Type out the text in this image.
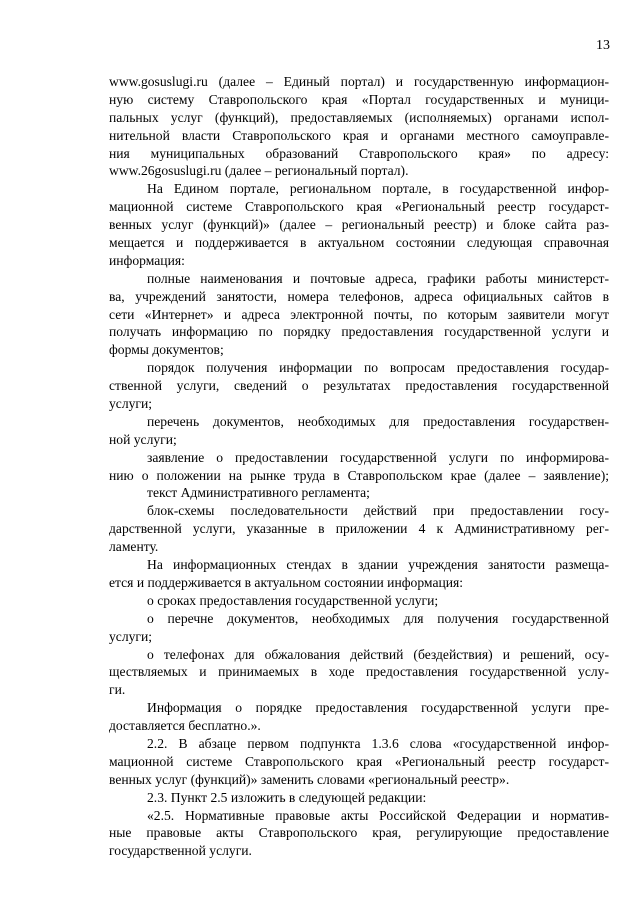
13
www.gosuslugi.ru (далее – Единый портал) и государственную информацион-
ную систему Ставропольского края «Портал государственных и муници-
пальных услуг (функций), предоставляемых (исполняемых) органами испол-
нительной власти Ставропольского края и органами местного самоуправле-
ния муниципальных образований Ставропольского края» по адресу:
www.26gosuslugi.ru (далее – региональный портал).
На Едином портале, региональном портале, в государственной инфор-
мационной системе Ставропольского края «Региональный реестр государст-
венных услуг (функций)» (далее – региональный реестр) и блоке сайта раз-
мещается и поддерживается в актуальном состоянии следующая справочная
информация:
полные наименования и почтовые адреса, графики работы министерст-
ва, учреждений занятости, номера телефонов, адреса официальных сайтов в
сети «Интернет» и адреса электронной почты, по которым заявители могут
получать информацию по порядку предоставления государственной услуги и
формы документов;
порядок получения информации по вопросам предоставления государ-
ственной услуги, сведений о результатах предоставления государственной
услуги;
перечень документов, необходимых для предоставления государствен-
ной услуги;
заявление о предоставлении государственной услуги по информирова-
нию о положении на рынке труда в Ставропольском крае (далее – заявление);
текст Административного регламента;
блок-схемы последовательности действий при предоставлении госу-
дарственной услуги, указанные в приложении 4 к Административному рег-
ламенту.
На информационных стендах в здании учреждения занятости размеща-
ется и поддерживается в актуальном состоянии информация:
о сроках предоставления государственной услуги;
о перечне документов, необходимых для получения государственной
услуги;
о телефонах для обжалования действий (бездействия) и решений, осу-
ществляемых и принимаемых в ходе предоставления государственной услу-
ги.
Информация о порядке предоставления государственной услуги пре-
доставляется бесплатно.».
2.2. В абзаце первом подпункта 1.3.6 слова «государственной инфор-
мационной системе Ставропольского края «Региональный реестр государст-
венных услуг (функций)» заменить словами «региональный реестр».
2.3. Пункт 2.5 изложить в следующей редакции:
«2.5. Нормативные правовые акты Российской Федерации и норматив-
ные правовые акты Ставропольского края, регулирующие предоставление
государственной услуги.
